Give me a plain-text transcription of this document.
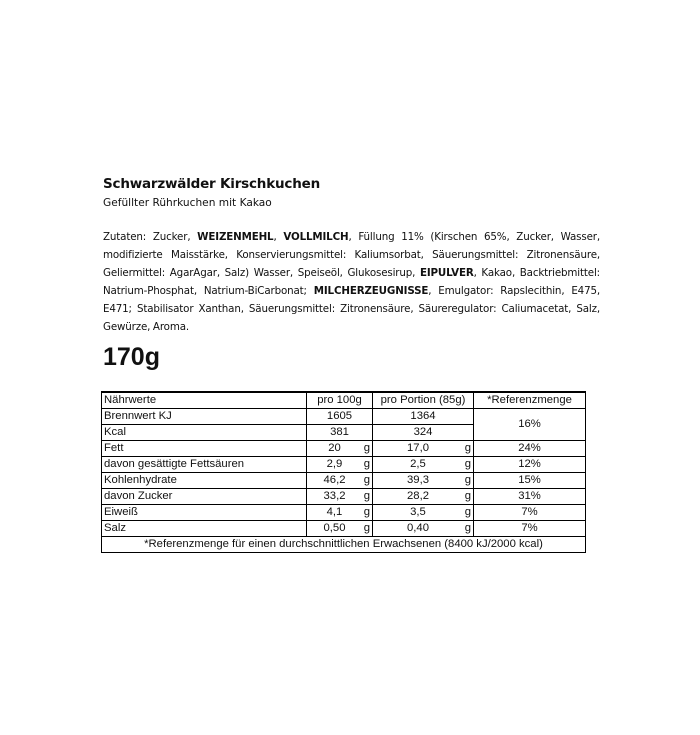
Schwarzwälder Kirschkuchen
Gefüllter Rührkuchen mit Kakao
Zutaten: Zucker, WEIZENMEHL, VOLLMILCH, Füllung 11% (Kirschen 65%, Zucker, Wasser, modifizierte Maisstärke, Konservierungsmittel: Kaliumsorbat, Säuerungsmittel: Zitronensäure, Geliermittel: AgarAgar, Salz) Wasser, Speiseöl, Glukosesirup, EIPULVER, Kakao, Backtriebmittel: Natrium-Phosphat, Natrium-BiCarbonat; MILCHERZEUGNISSE, Emulgator: Rapslecithin, E475, E471; Stabilisator Xanthan, Säuerungsmittel: Zitronensäure, Säureregulator: Caliumacetat, Salz, Gewürze, Aroma.
170g
Nährwerte	pro 100g	pro Portion (85g)	*Referenzmenge
Brennwert KJ	1605	1364	16%
Kcal	381	324	
Fett	20 g	17,0 g	24%
davon gesättigte Fettsäuren	2,9 g	2,5 g	12%
Kohlenhydrate	46,2 g	39,3 g	15%
davon Zucker	33,2 g	28,2 g	31%
Eiweiß	4,1 g	3,5 g	7%
Salz	0,50 g	0,40 g	7%
*Referenzmenge für einen durchschnittlichen Erwachsenen (8400 kJ/2000 kcal)			
